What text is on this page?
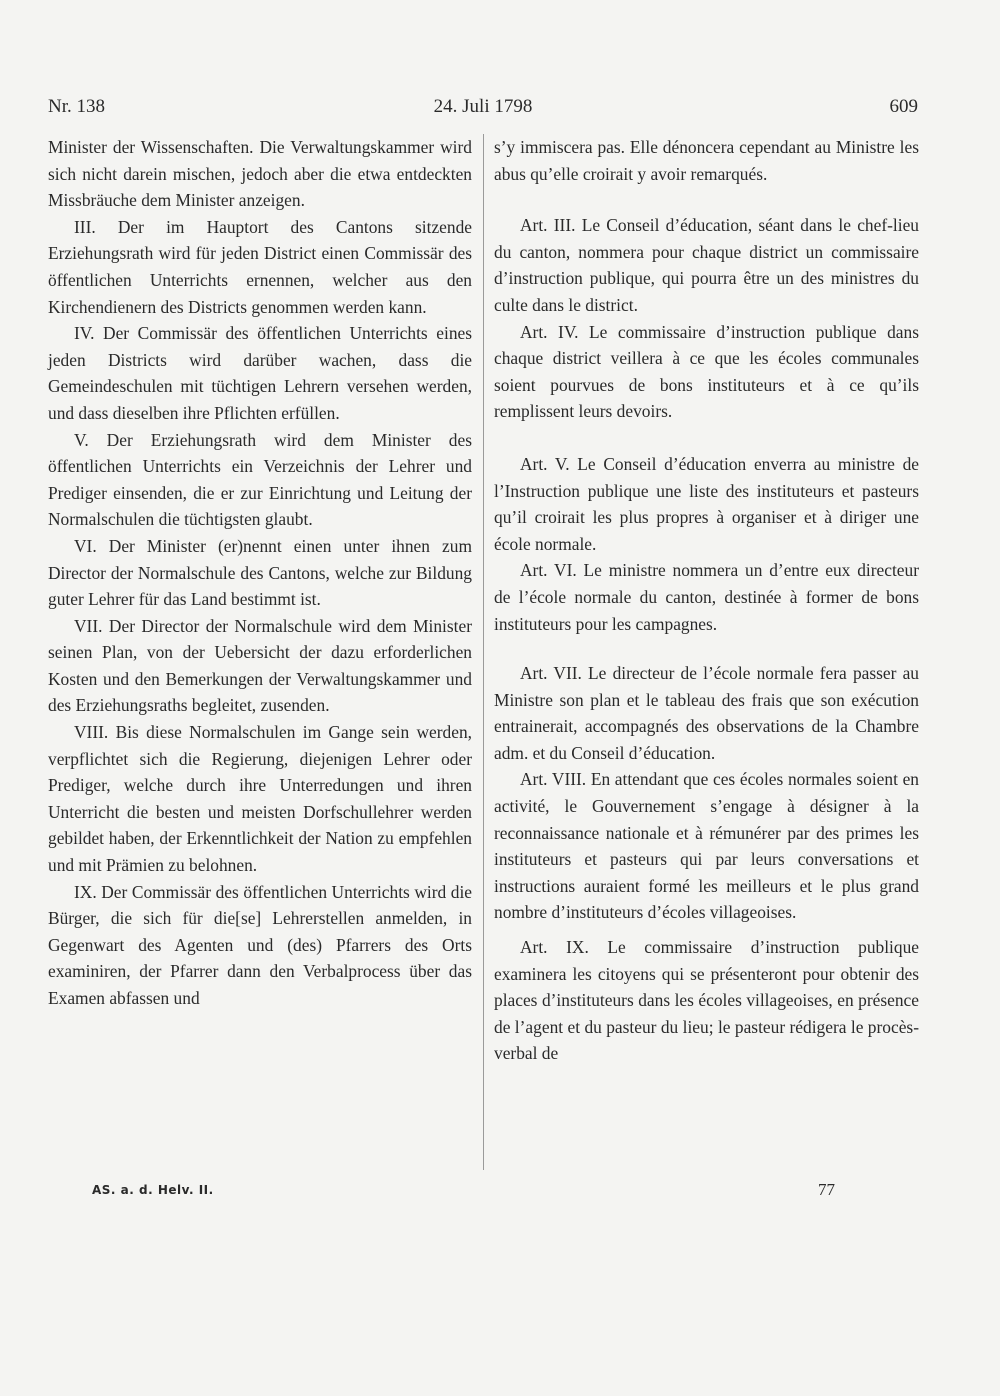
Nr. 138	24. Juli 1798	609

Minister der Wissenschaften. Die Verwaltungskammer wird sich nicht darein mischen, jedoch aber die etwa entdeckten Missbräuche dem Minister anzeigen.

III. Der im Hauptort des Cantons sitzende Erziehungsrath wird für jeden District einen Commissär des öffentlichen Unterrichts ernennen, welcher aus den Kirchendienern des Districts genommen werden kann.

IV. Der Commissär des öffentlichen Unterrichts eines jeden Districts wird darüber wachen, dass die Gemeindeschulen mit tüchtigen Lehrern versehen werden, und dass dieselben ihre Pflichten erfüllen.

V. Der Erziehungsrath wird dem Minister des öffentlichen Unterrichts ein Verzeichnis der Lehrer und Prediger einsenden, die er zur Einrichtung und Leitung der Normalschulen die tüchtigsten glaubt.

VI. Der Minister (er)nennt einen unter ihnen zum Director der Normalschule des Cantons, welche zur Bildung guter Lehrer für das Land bestimmt ist.

VII. Der Director der Normalschule wird dem Minister seinen Plan, von der Uebersicht der dazu erforderlichen Kosten und den Bemerkungen der Verwaltungskammer und des Erziehungsraths begleitet, zusenden.

VIII. Bis diese Normalschulen im Gange sein werden, verpflichtet sich die Regierung, diejenigen Lehrer oder Prediger, welche durch ihre Unterredungen und ihren Unterricht die besten und meisten Dorfschullehrer werden gebildet haben, der Erkenntlichkeit der Nation zu empfehlen und mit Prämien zu belohnen.

IX. Der Commissär des öffentlichen Unterrichts wird die Bürger, die sich für die[se] Lehrerstellen anmelden, in Gegenwart des Agenten und (des) Pfarrers des Orts examiniren, der Pfarrer dann den Verbalprocess über das Examen abfassen und

s’y immiscera pas. Elle dénoncera cependant au Ministre les abus qu’elle croirait y avoir remarqués.

Art. III. Le Conseil d’éducation, séant dans le chef-lieu du canton, nommera pour chaque district un commissaire d’instruction publique, qui pourra être un des ministres du culte dans le district.

Art. IV. Le commissaire d’instruction publique dans chaque district veillera à ce que les écoles communales soient pourvues de bons instituteurs et à ce qu’ils remplissent leurs devoirs.

Art. V. Le Conseil d’éducation enverra au ministre de l’Instruction publique une liste des instituteurs et pasteurs qu’il croirait les plus propres à organiser et à diriger une école normale.

Art. VI. Le ministre nommera un d’entre eux directeur de l’école normale du canton, destinée à former de bons instituteurs pour les campagnes.

Art. VII. Le directeur de l’école normale fera passer au Ministre son plan et le tableau des frais que son exécution entrainerait, accompagnés des observations de la Chambre adm. et du Conseil d’éducation.

Art. VIII. En attendant que ces écoles normales soient en activité, le Gouvernement s’engage à désigner à la reconnaissance nationale et à rémunérer par des primes les instituteurs et pasteurs qui par leurs conversations et instructions auraient formé les meilleurs et le plus grand nombre d’instituteurs d’écoles villageoises.

Art. IX. Le commissaire d’instruction publique examinera les citoyens qui se présenteront pour obtenir des places d’instituteurs dans les écoles villageoises, en présence de l’agent et du pasteur du lieu; le pasteur rédigera le procès-verbal de

AS. a. d. Helv. II.	77
